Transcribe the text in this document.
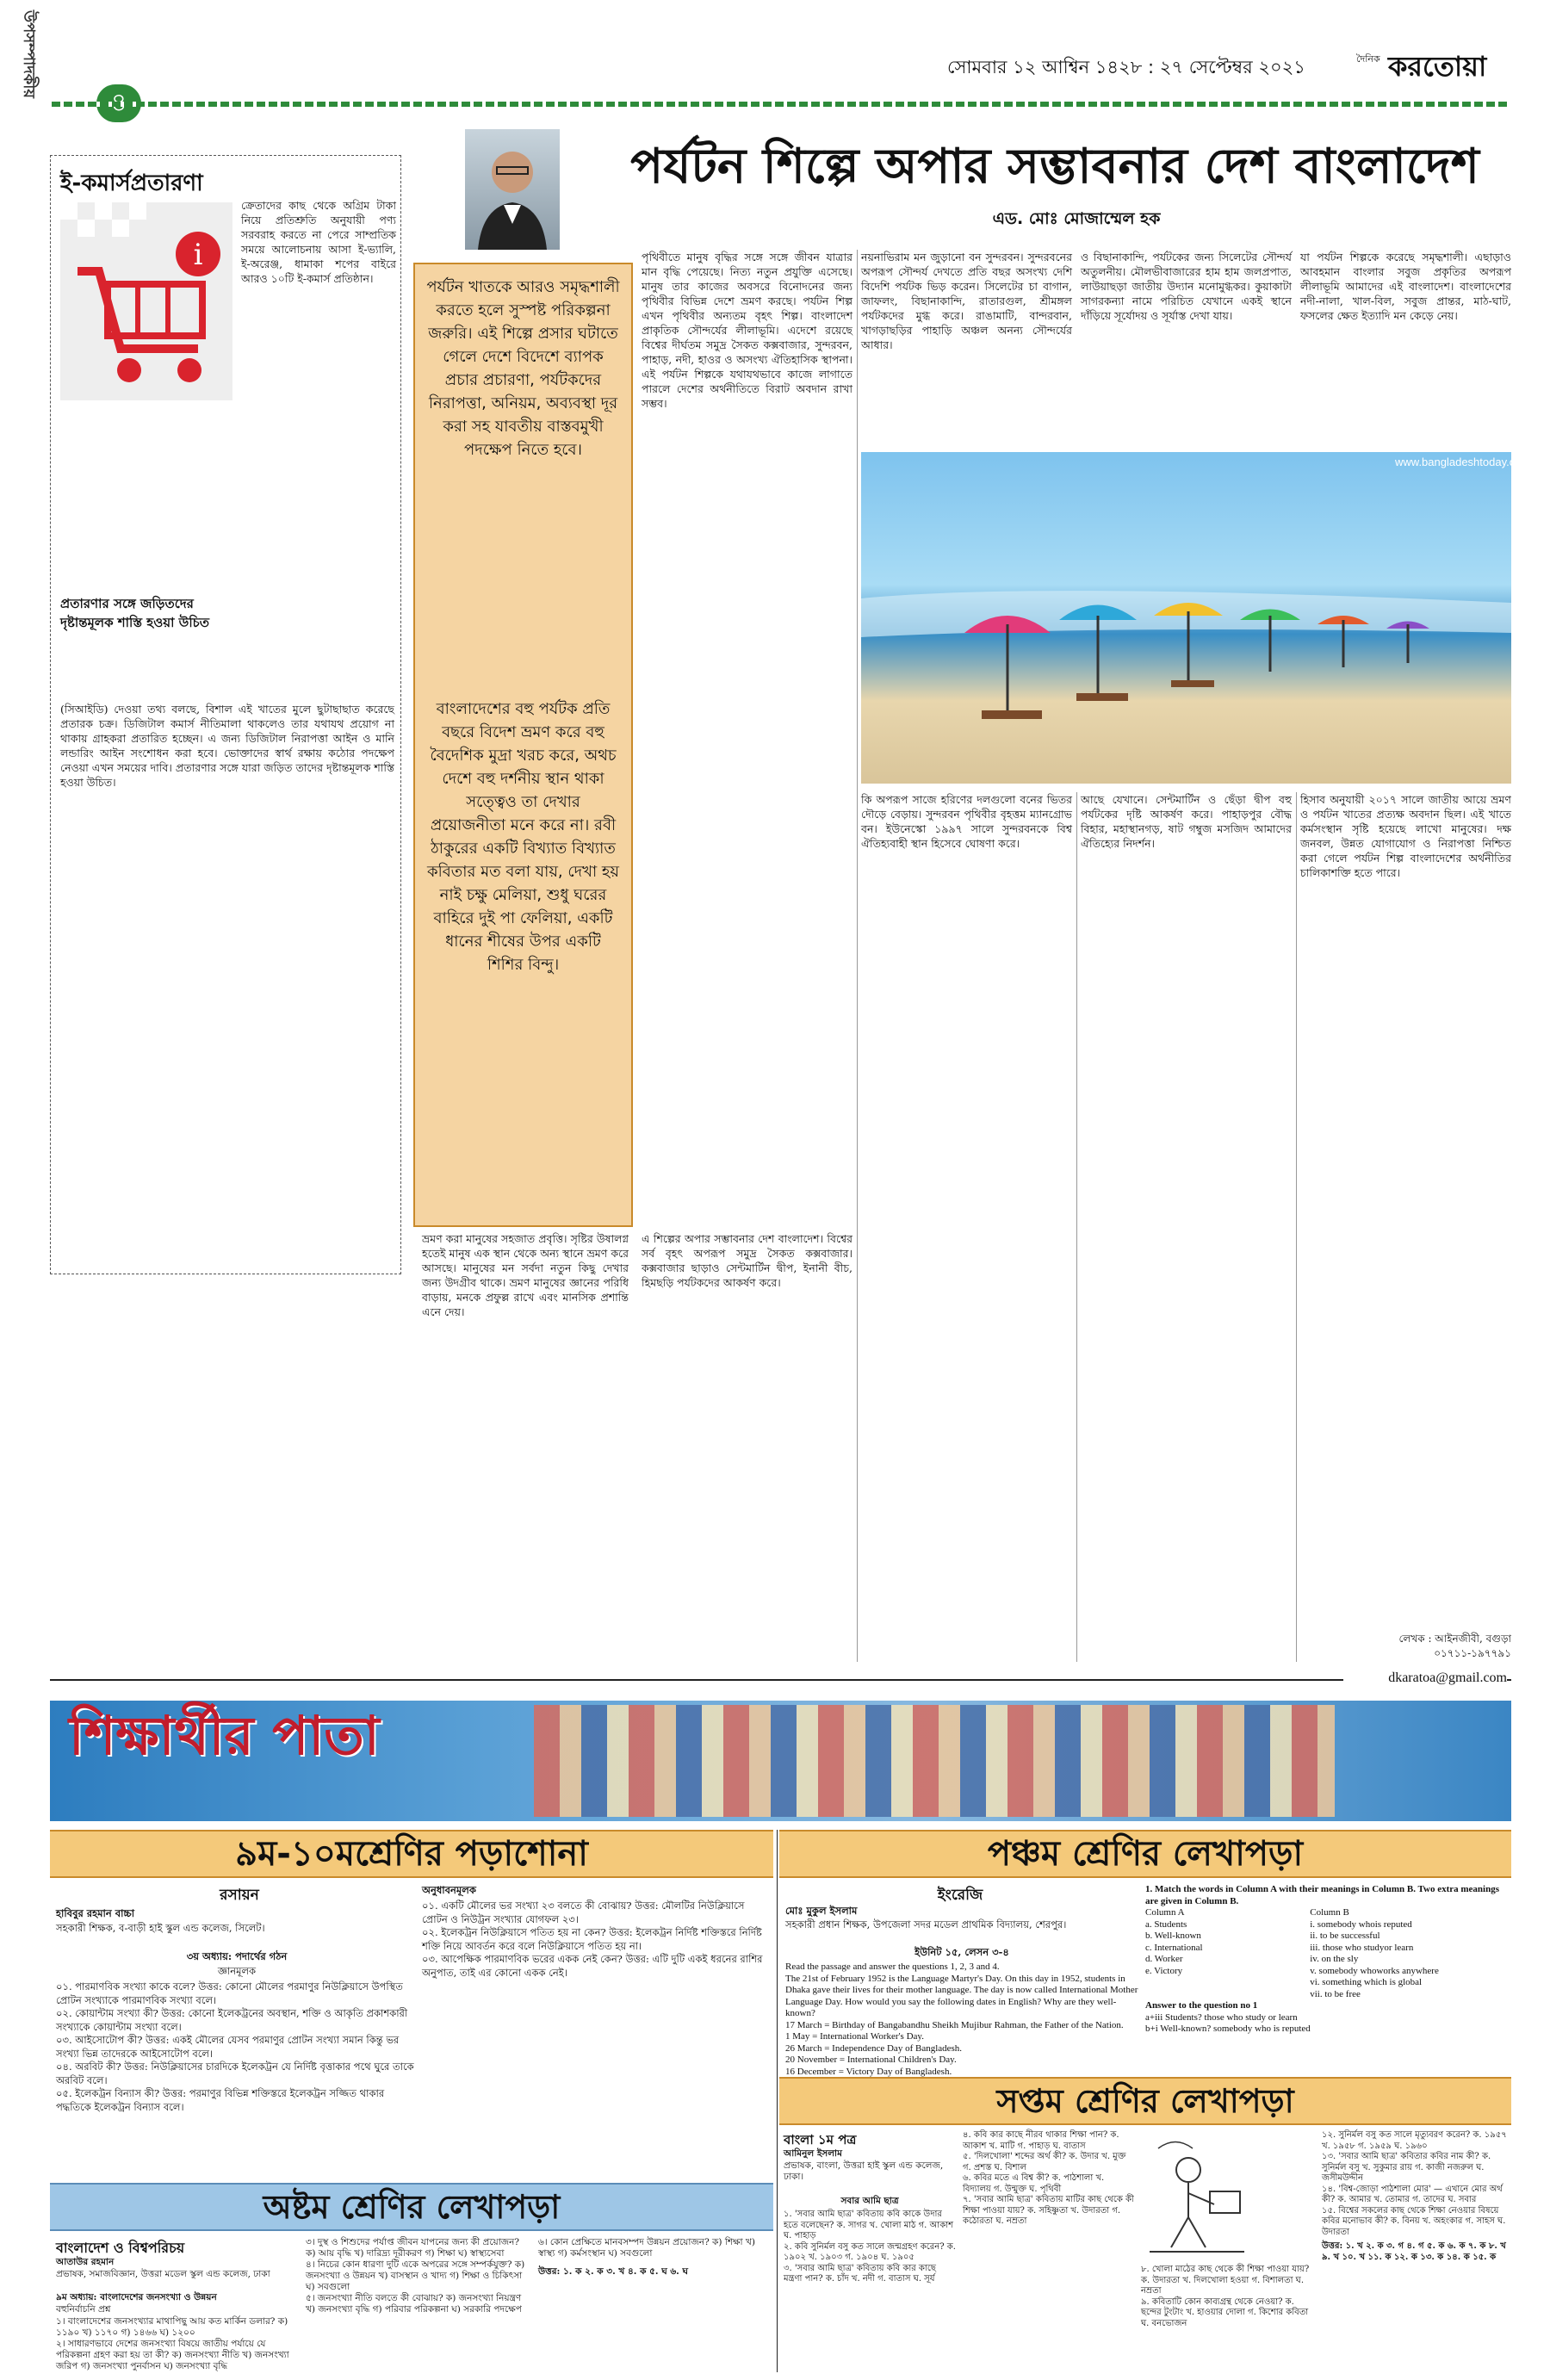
উপসম্পাদকীয়	সোমবার ১২ আশ্বিন ১৪২৮ : ২৭ সেপ্টেম্বর ২০২১	দৈনিক করতোয়া
ই-কমার্সপ্রতারণা
i
ক্রেতাদের কাছ থেকে অগ্রিম টাকা নিয়ে প্রতিশ্রুতি অনুযায়ী পণ্য সরবরাহ করতে না পেরে সাম্প্রতিক সময়ে আলোচনায় আসা ই-ভ্যালি, ই-অরেঞ্জ, ধামাকা শপের বাইরে আরও ১০টি ই-কমার্স প্রতিষ্ঠান।
প্রতারণার সঙ্গে জড়িতদের দৃষ্টান্তমূলক শাস্তি হওয়া উচিত
(সিআইডি) দেওয়া তথ্য বলছে, বিশাল এই খাতের মুলে ছুটাছাছাত করেছে প্রতারক চক্র। ডিজিটাল কমার্স নীতিমালা থাকলেও তার যথাযথ প্রয়োগ না থাকায় গ্রাহকরা প্রতারিত হচ্ছেন। এ জন্য ডিজিটাল নিরাপত্তা আইন ও মানি লন্ডারিং আইন সংশোধন করা হবে। ভোক্তাদের স্বার্থ রক্ষায় কঠোর পদক্ষেপ নেওয়া এখন সময়ের দাবি। প্রতারণার সঙ্গে যারা জড়িত তাদের দৃষ্টান্তমূলক শাস্তি হওয়া উচিত।
পর্যটন শিল্পে অপার সম্ভাবনার দেশ বাংলাদেশ
এড. মোঃ মোজাম্মেল হক
পর্যটন খাতকে আরও সমৃদ্ধশালী করতে হলে সুস্পষ্ট পরিকল্পনা জরুরি। এই শিল্পে প্রসার ঘটাতে গেলে দেশে বিদেশে ব্যাপক প্রচার প্রচারণা, পর্যটকদের নিরাপত্তা, অনিয়ম, অব্যবস্থা দূর করা সহ যাবতীয় বাস্তবমুখী পদক্ষেপ নিতে হবে।
বাংলাদেশের বহু পর্যটক প্রতি বছরে বিদেশ ভ্রমণ করে বহু বৈদেশিক মুদ্রা খরচ করে, অথচ দেশে বহু দর্শনীয় স্থান থাকা সত্ত্বেও তা দেখার প্রয়োজনীতা মনে করে না। রবী ঠাকুরের একটি বিখ্যাত বিখ্যাত কবিতার মত বলা যায়, দেখা হয় নাই চক্ষু মেলিয়া, শুধু ঘরের বাহিরে দুই পা ফেলিয়া, একটি ধানের শীষের উপর একটি শিশির বিন্দু।
পৃথিবীতে মানুষ বৃদ্ধির সঙ্গে সঙ্গে জীবন যাত্রার মান বৃদ্ধি পেয়েছে। নিত্য নতুন প্রযুক্তি এসেছে। মানুষ তার কাজের অবসরে বিনোদনের জন্য পৃথিবীর বিভিন্ন দেশে ভ্রমণ করছে। পর্যটন শিল্প এখন পৃথিবীর অন্যতম বৃহৎ শিল্প। বাংলাদেশ প্রাকৃতিক সৌন্দর্যের লীলাভূমি। এদেশে রয়েছে বিশ্বের দীর্ঘতম সমুদ্র সৈকত কক্সবাজার, সুন্দরবন, পাহাড়, নদী, হাওর ও অসংখ্য ঐতিহাসিক স্থাপনা। এই পর্যটন শিল্পকে যথাযথভাবে কাজে লাগাতে পারলে দেশের অর্থনীতিতে বিরাট অবদান রাখা সম্ভব।
নয়নাভিরাম মন জুড়ানো বন সুন্দরবন। সুন্দরবনের অপরূপ সৌন্দর্য দেখতে প্রতি বছর অসংখ্য দেশি বিদেশি পর্যটক ভিড় করেন। সিলেটের চা বাগান, জাফলং, বিছানাকান্দি, রাতারগুল, শ্রীমঙ্গল পর্যটকদের মুগ্ধ করে। রাঙামাটি, বান্দরবান, খাগড়াছড়ির পাহাড়ি অঞ্চল অনন্য সৌন্দর্যের আধার।
ও বিছানাকান্দি, পর্যটকের জন্য সিলেটের সৌন্দর্য অতুলনীয়। মৌলভীবাজারের হাম হাম জলপ্রপাত, লাউয়াছড়া জাতীয় উদ্যান মনোমুগ্ধকর। কুয়াকাটা সাগরকন্যা নামে পরিচিত যেখানে একই স্থানে দাঁড়িয়ে সূর্যোদয় ও সূর্যাস্ত দেখা যায়।
যা পর্যটন শিল্পকে করেছে সমৃদ্ধশালী। এছাড়াও আবহমান বাংলার সবুজ প্রকৃতির অপরূপ লীলাভূমি আমাদের এই বাংলাদেশ। বাংলাদেশের নদী-নালা, খাল-বিল, সবুজ প্রান্তর, মাঠ-ঘাট, ফসলের ক্ষেত ইত্যাদি মন কেড়ে নেয়।
www.bangladeshtoday.com
ভ্রমণ করা মানুষের সহজাত প্রবৃত্তি। সৃষ্টির উষালগ্ন হতেই মানুষ এক স্থান থেকে অন্য স্থানে ভ্রমণ করে আসছে। মানুষের মন সর্বদা নতুন কিছু দেখার জন্য উদগ্রীব থাকে। ভ্রমণ মানুষের জ্ঞানের পরিধি বাড়ায়, মনকে প্রফুল্ল রাখে এবং মানসিক প্রশান্তি এনে দেয়।
এ শিল্পের অপার সম্ভাবনার দেশ বাংলাদেশ। বিশ্বের সর্ব বৃহৎ অপরূপ সমুদ্র সৈকত কক্সবাজার। কক্সবাজার ছাড়াও সেন্টমার্টিন দ্বীপ, ইনানী বীচ, হিমছড়ি পর্যটকদের আকর্ষণ করে।
কি অপরূপ সাজে হরিণের দলগুলো বনের ভিতর দৌড়ে বেড়ায়। সুন্দরবন পৃথিবীর বৃহত্তম ম্যানগ্রোভ বন। ইউনেস্কো ১৯৯৭ সালে সুন্দরবনকে বিশ্ব ঐতিহ্যবাহী স্থান হিসেবে ঘোষণা করে।
আছে যেখানে। সেন্টমার্টিন ও ছেঁড়া দ্বীপ বহু পর্যটকের দৃষ্টি আকর্ষণ করে। পাহাড়পুর বৌদ্ধ বিহার, মহাস্থানগড়, ষাট গম্বুজ মসজিদ আমাদের ঐতিহ্যের নিদর্শন।
হিসাব অনুযায়ী ২০১৭ সালে জাতীয় আয়ে ভ্রমণ ও পর্যটন খাতের প্রত্যক্ষ অবদান ছিল। এই খাতে কর্মসংস্থান সৃষ্টি হয়েছে লাখো মানুষের। দক্ষ জনবল, উন্নত যোগাযোগ ও নিরাপত্তা নিশ্চিত করা গেলে পর্যটন শিল্প বাংলাদেশের অর্থনীতির চালিকাশক্তি হতে পারে।
লেখক : আইনজীবী, বগুড়া
০১৭১১-১৯৭৭৯১
dkaratoa@gmail.com
শিক্ষার্থীর পাতা
৯ম-১০মশ্রেণির পড়াশোনা
রসায়ন
হাবিবুর রহমান বাচ্চা
সহকারী শিক্ষক, ব-বাড়ী হাই স্কুল এন্ড কলেজ, সিলেট।
৩য় অধ্যায়: পদার্থের গঠন
জ্ঞানমূলক
০১. পারমাণবিক সংখ্যা কাকে বলে? উত্তর: কোনো মৌলের পরমাণুর নিউক্লিয়াসে উপস্থিত প্রোটন সংখ্যাকে পারমাণবিক সংখ্যা বলে।
০২. কোয়ান্টাম সংখ্যা কী? উত্তর: কোনো ইলেকট্রনের অবস্থান, শক্তি ও আকৃতি প্রকাশকারী সংখ্যাকে কোয়ান্টাম সংখ্যা বলে।
০৩. আইসোটোপ কী? উত্তর: একই মৌলের যেসব পরমাণুর প্রোটন সংখ্যা সমান কিন্তু ভর সংখ্যা ভিন্ন তাদেরকে আইসোটোপ বলে।
০৪. অরবিট কী? উত্তর: নিউক্লিয়াসের চারদিকে ইলেকট্রন যে নির্দিষ্ট বৃত্তাকার পথে ঘুরে তাকে অরবিট বলে।
০৫. ইলেকট্রন বিন্যাস কী? উত্তর: পরমাণুর বিভিন্ন শক্তিস্তরে ইলেকট্রন সজ্জিত থাকার পদ্ধতিকে ইলেকট্রন বিন্যাস বলে।
অনুধাবনমূলক
০১. একটি মৌলের ভর সংখ্যা ২৩ বলতে কী বোঝায়? উত্তর: মৌলটির নিউক্লিয়াসে প্রোটন ও নিউট্রন সংখ্যার যোগফল ২৩।
০২. ইলেকট্রন নিউক্লিয়াসে পতিত হয় না কেন? উত্তর: ইলেকট্রন নির্দিষ্ট শক্তিস্তরে নির্দিষ্ট শক্তি নিয়ে আবর্তন করে বলে নিউক্লিয়াসে পতিত হয় না।
০৩. আপেক্ষিক পারমাণবিক ভরের একক নেই কেন? উত্তর: এটি দুটি একই ধরনের রাশির অনুপাত, তাই এর কোনো একক নেই।
অষ্টম শ্রেণির লেখাপড়া
বাংলাদেশ ও বিশ্বপরিচয়
আতাউর রহমান
প্রভাষক, সমাজবিজ্ঞান, উত্তরা মডেল স্কুল এন্ড কলেজ, ঢাকা
৯ম অধ্যায়: বাংলাদেশের জনসংখ্যা ও উন্নয়ন
বহুনির্বাচনি প্রশ্ন
১। বাংলাদেশের জনসংখ্যার মাথাপিছু আয় কত মার্কিন ডলার? ক) ১১৯০ খ) ১১৭০ গ) ১৪৬৬ ঘ) ১২০০
২। সাধারণভাবে দেশের জনসংখ্যা বিষয়ে জাতীয় পর্যায়ে যে পরিকল্পনা গ্রহণ করা হয় তা কী? ক) জনসংখ্যা নীতি খ) জনসংখ্যা জরিপ গ) জনসংখ্যা পুনর্বাসন ঘ) জনসংখ্যা বৃদ্ধি
৩। দুস্থ ও শিশুদের পর্যাপ্ত জীবন যাপনের জন্য কী প্রয়োজন? ক) আয় বৃদ্ধি খ) দারিদ্র্য দূরীকরণ গ) শিক্ষা ঘ) স্বাস্থ্যসেবা
৪। নিচের কোন ধারণা দুটি একে অপরের সঙ্গে সম্পর্কযুক্ত? ক) জনসংখ্যা ও উন্নয়ন খ) বাসস্থান ও খাদ্য গ) শিক্ষা ও চিকিৎসা ঘ) সবগুলো
৫। জনসংখ্যা নীতি বলতে কী বোঝায়? ক) জনসংখ্যা নিয়ন্ত্রণ খ) জনসংখ্যা বৃদ্ধি গ) পরিবার পরিকল্পনা ঘ) সরকারি পদক্ষেপ
৬। কোন প্রেক্ষিতে মানবসম্পদ উন্নয়ন প্রয়োজন? ক) শিক্ষা খ) স্বাস্থ্য গ) কর্মসংস্থান ঘ) সবগুলো
উত্তর: ১. ক ২. ক ৩. খ ৪. ক ৫. ঘ ৬. ঘ
পঞ্চম শ্রেণির লেখাপড়া
ইংরেজি
মোঃ মুকুল ইসলাম
সহকারী প্রধান শিক্ষক, উপজেলা সদর মডেল প্রাথমিক বিদ্যালয়, শেরপুর।
ইউনিট ১৫, লেসন ৩-৪
Read the passage and answer the questions 1, 2, 3 and 4.
The 21st of February 1952 is the Language Martyr's Day. On this day in 1952, students in Dhaka gave their lives for their mother language. The day is now called International Mother Language Day. How would you say the following dates in English? Why are they well-known?
17 March = Birthday of Bangabandhu Sheikh Mujibur Rahman, the Father of the Nation.
1 May = International Worker's Day.
26 March = Independence Day of Bangladesh.
20 November = International Children's Day.
16 December = Victory Day of Bangladesh.
1. Match the words in Column A with their meanings in Column B. Two extra meanings are given in Column B.
Column A
a. Students
b. Well-known
c. International
d. Worker
e. Victory
Column B
i. somebody whois reputed
ii. to be successful
iii. those who studyor learn
iv. on the sly
v. somebody whoworks anywhere
vi. something which is global
vii. to be free
Answer to the question no 1
a+iii Students? those who study or learn
b+i Well-known? somebody who is reputed
c+vi International? something which is global d+v Worker? somebody who works anywhere e+ii Victory? to be successful
সপ্তম শ্রেণির লেখাপড়া
বাংলা ১ম পত্র
আমিনুল ইসলাম
প্রভাষক, বাংলা, উত্তরা হাই স্কুল এন্ড কলেজ, ঢাকা।
সবার আমি ছাত্র
১. 'সবার আমি ছাত্র' কবিতায় কবি কাকে উদার হতে বলেছেন? ক. সাগর খ. খোলা মাঠ গ. আকাশ ঘ. পাহাড়
২. কবি সুনির্মল বসু কত সালে জন্মগ্রহণ করেন? ক. ১৯০২ খ. ১৯০৩ গ. ১৯০৪ ঘ. ১৯০৫
৩. 'সবার আমি ছাত্র' কবিতায় কবি কার কাছে মন্ত্রণা পান? ক. চাঁদ খ. নদী গ. বাতাস ঘ. সূর্য
৪. কবি কার কাছে নীরব থাকার শিক্ষা পান? ক. আকাশ খ. মাটি গ. পাহাড় ঘ. বাতাস
৫. 'দিলখোলা' শব্দের অর্থ কী? ক. উদার খ. মুক্ত গ. প্রশস্ত ঘ. বিশাল
৬. কবির মতে এ বিশ্ব কী? ক. পাঠশালা খ. বিদ্যালয় গ. উন্মুক্ত ঘ. পৃথিবী
৭. 'সবার আমি ছাত্র' কবিতায় মাটির কাছ থেকে কী শিক্ষা পাওয়া যায়? ক. সহিষ্ণুতা খ. উদারতা গ. কঠোরতা ঘ. নম্রতা
৮. খোলা মাঠের কাছ থেকে কী শিক্ষা পাওয়া যায়? ক. উদারতা খ. দিলখোলা হওয়া গ. বিশালতা ঘ. নম্রতা
৯. কবিতাটি কোন কাব্যগ্রন্থ থেকে নেওয়া? ক. ছন্দের টুংটাং খ. হাওয়ার দোলা গ. কিশোর কবিতা ঘ. বনভোজন
১২. সুনির্মল বসু কত সালে মৃত্যুবরণ করেন? ক. ১৯৫৭ খ. ১৯৫৮ গ. ১৯৫৯ ঘ. ১৯৬০
১৩. 'সবার আমি ছাত্র' কবিতার কবির নাম কী? ক. সুনির্মল বসু খ. সুকুমার রায় গ. কাজী নজরুল ঘ. জসীমউদ্দীন
১৪. 'বিশ্ব-জোড়া পাঠশালা মোর' — এখানে মোর অর্থ কী? ক. আমার খ. তোমার গ. তাদের ঘ. সবার
১৫. বিশ্বের সকলের কাছ থেকে শিক্ষা নেওয়ার বিষয়ে কবির মনোভাব কী? ক. বিনয় খ. অহংকার গ. সাহস ঘ. উদারতা
উত্তর: ১. খ ২. ক ৩. গ ৪. গ ৫. ক ৬. ক ৭. ক ৮. খ ৯. খ ১০. খ ১১. ক ১২. ক ১৩. ক ১৪. ক ১৫. ক
